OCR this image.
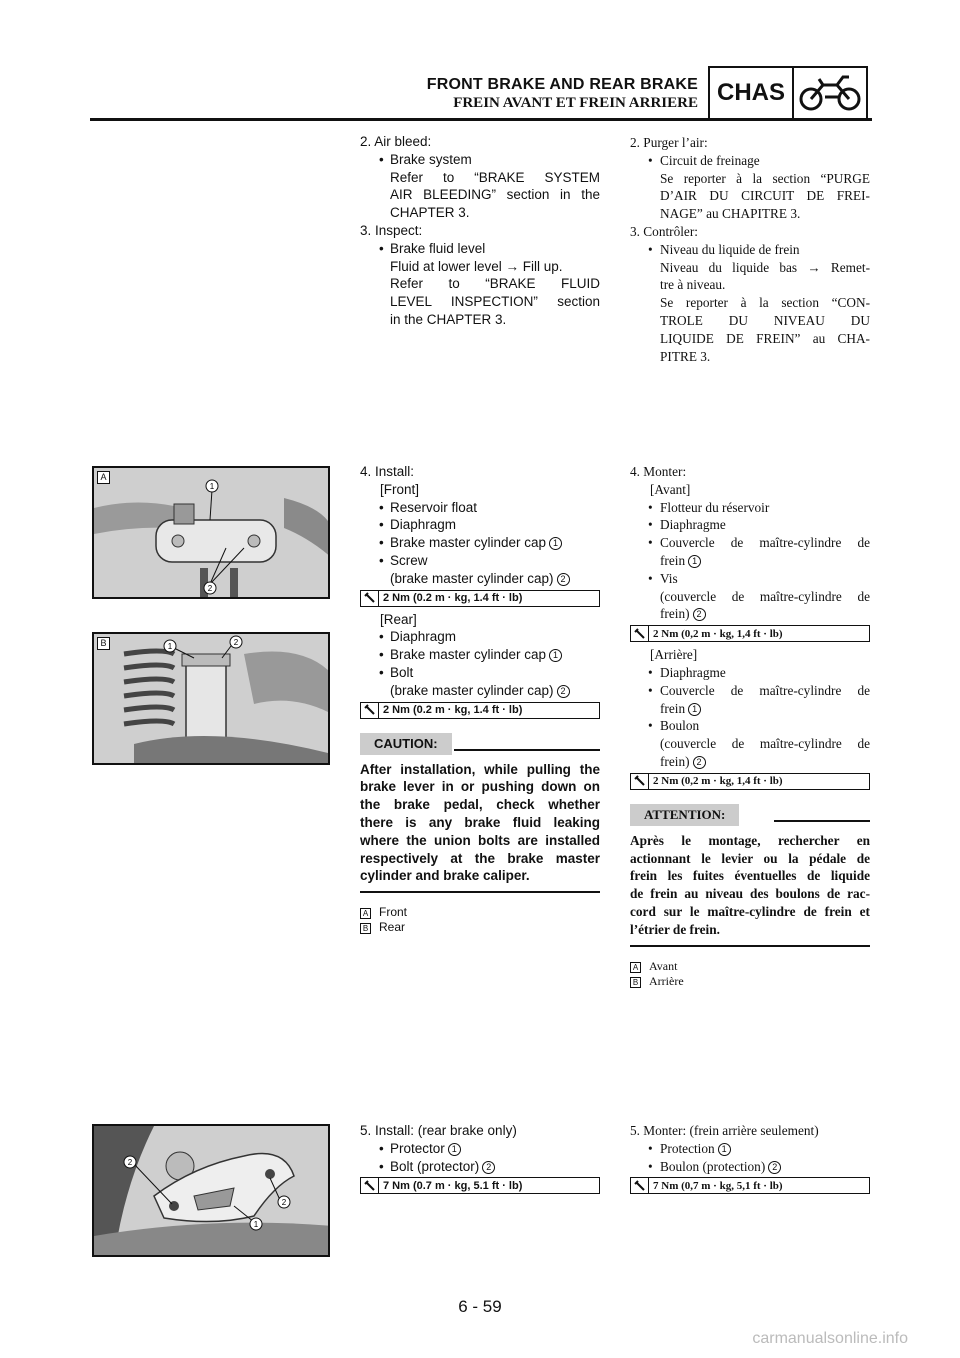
FRONT BRAKE AND REAR BRAKE
FREIN AVANT ET FREIN ARRIERE CHAS
2. Air bleed:
• Brake system
Refer to “BRAKE SYSTEM
AIR BLEEDING” section in the
CHAPTER 3.
3. Inspect:
• Brake fluid level
Fluid at lower level → Fill up.
Refer to “BRAKE FLUID
LEVEL INSPECTION” section
in the CHAPTER 3.
2. Purger l’air:
• Circuit de freinage
Se reporter à la section “PURGE
D’AIR DU CIRCUIT DE FREI-
NAGE” au CHAPITRE 3.
3. Contrôler:
• Niveau du liquide de frein
Niveau du liquide bas → Remet-
tre à niveau.
Se reporter à la section “CON-
TROLE DU NIVEAU DU
LIQUIDE DE FREIN” au CHA-
PITRE 3.
A
1
2
B	1	2
4. Install:
[Front]
• Reservoir float
• Diaphragm
• Brake master cylinder cap 1
• Screw
(brake master cylinder cap) 2
2 Nm (0.2 m · kg, 1.4 ft · lb)
[Rear]
• Diaphragm
• Brake master cylinder cap 1
• Bolt
(brake master cylinder cap) 2
2 Nm (0.2 m · kg, 1.4 ft · lb)
CAUTION:
After installation, while pulling the
brake lever in or pushing down on
the brake pedal, check whether
there is any brake fluid leaking
where the union bolts are installed
respectively at the brake master
cylinder and brake caliper.
A Front
B Rear
4. Monter:
[Avant]
• Flotteur du réservoir
• Diaphragme
• Couvercle de maître-cylindre de
frein 1
• Vis
(couvercle de maître-cylindre de
frein) 2
2 Nm (0,2 m · kg, 1,4 ft · lb)
[Arrière]
• Diaphragme
• Couvercle de maître-cylindre de
frein 1
• Boulon
(couvercle de maître-cylindre de
frein) 2
2 Nm (0,2 m · kg, 1,4 ft · lb)
ATTENTION:
Après le montage, rechercher en
actionnant le levier ou la pédale de
frein les fuites éventuelles de liquide
de frein au niveau des boulons de rac-
cord sur le maître-cylindre de frein et
l’étrier de frein.
A Avant
B Arrière
2
2
1
5. Install: (rear brake only)
• Protector 1
• Bolt (protector) 2
7 Nm (0.7 m · kg, 5.1 ft · lb)
5. Monter: (frein arrière seulement)
• Protection 1
• Boulon (protection) 2
7 Nm (0,7 m · kg, 5,1 ft · lb)
6 - 59
carmanualsonline.info
